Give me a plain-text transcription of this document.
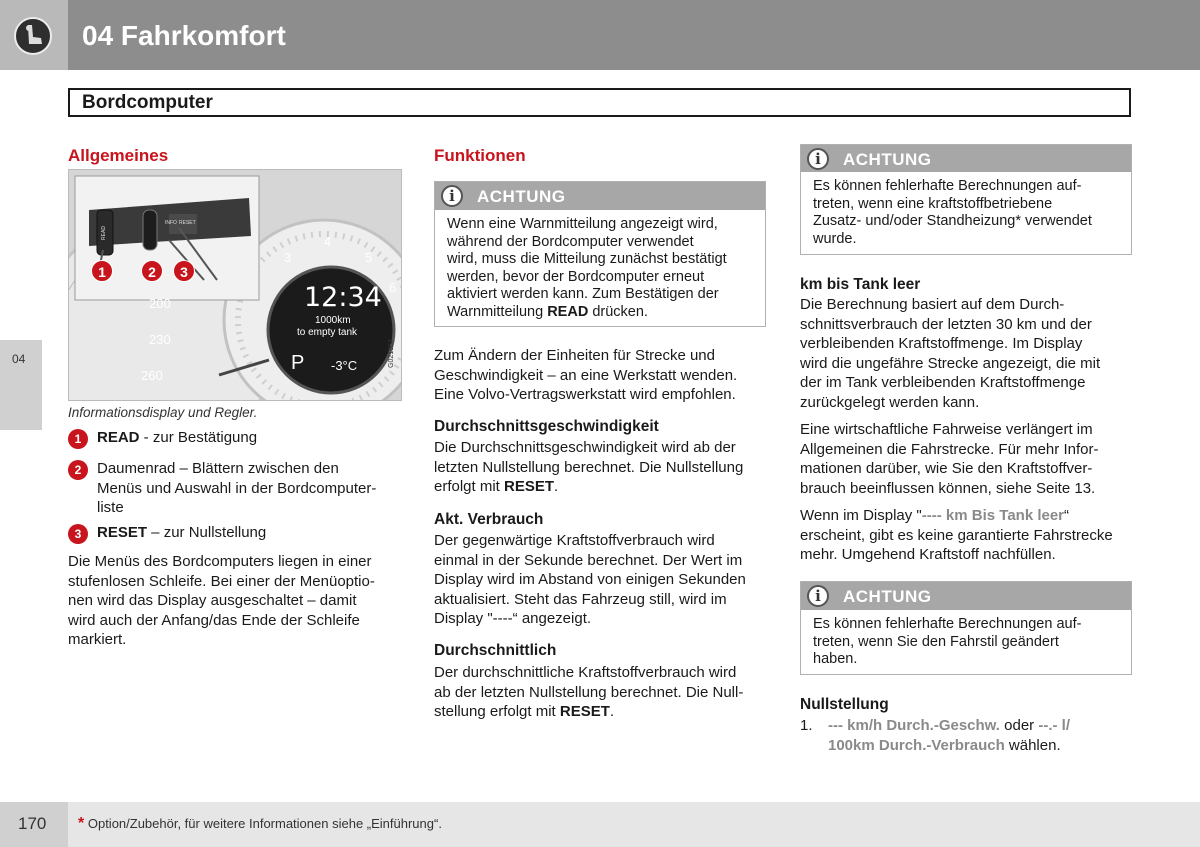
04 Fahrkomfort
Bordcomputer
04
Allgemeines
200
230
260
3
4
5
6
12:34
1000km
to empty tank
P -3°C	G021984
READ
INFO RESET
1	2	3
Informationsdisplay und Regler.
1	READ - zur Bestätigung
2	Daumenrad – Blättern zwischen den
Menüs und Auswahl in der Bordcomputer-
liste
3	RESET – zur Nullstellung
Die Menüs des Bordcomputers liegen in einer
stufenlosen Schleife. Bei einer der Menüoptio-
nen wird das Display ausgeschaltet – damit
wird auch der Anfang/das Ende der Schleife
markiert.
Funktionen
i	ACHTUNG
Wenn eine Warnmitteilung angezeigt wird,
während der Bordcomputer verwendet
wird, muss die Mitteilung zunächst bestätigt
werden, bevor der Bordcomputer erneut
aktiviert werden kann. Zum Bestätigen der
Warnmitteilung READ drücken.
Zum Ändern der Einheiten für Strecke und
Geschwindigkeit – an eine Werkstatt wenden.
Eine Volvo-Vertragswerkstatt wird empfohlen.
Durchschnittsgeschwindigkeit
Die Durchschnittsgeschwindigkeit wird ab der
letzten Nullstellung berechnet. Die Nullstellung
erfolgt mit RESET.
Akt. Verbrauch
Der gegenwärtige Kraftstoffverbrauch wird
einmal in der Sekunde berechnet. Der Wert im
Display wird im Abstand von einigen Sekunden
aktualisiert. Steht das Fahrzeug still, wird im
Display "----“ angezeigt.
Durchschnittlich
Der durchschnittliche Kraftstoffverbrauch wird
ab der letzten Nullstellung berechnet. Die Null-
stellung erfolgt mit RESET.
i	ACHTUNG
Es können fehlerhafte Berechnungen auf-
treten, wenn eine kraftstoffbetriebene
Zusatz- und/oder Standheizung* verwendet
wurde.
km bis Tank leer
Die Berechnung basiert auf dem Durch-
schnittsverbrauch der letzten 30 km und der
verbleibenden Kraftstoffmenge. Im Display
wird die ungefähre Strecke angezeigt, die mit
der im Tank verbleibenden Kraftstoffmenge
zurückgelegt werden kann.
Eine wirtschaftliche Fahrweise verlängert im
Allgemeinen die Fahrstrecke. Für mehr Infor-
mationen darüber, wie Sie den Kraftstoffver-
brauch beeinflussen können, siehe Seite 13.
Wenn im Display "---- km Bis Tank leer“
erscheint, gibt es keine garantierte Fahrstrecke
mehr. Umgehend Kraftstoff nachfüllen.
i	ACHTUNG
Es können fehlerhafte Berechnungen auf-
treten, wenn Sie den Fahrstil geändert
haben.
Nullstellung
1. --- km/h Durch.-Geschw. oder --.- l/
100km Durch.-Verbrauch wählen.
170 * Option/Zubehör, für weitere Informationen siehe „Einführung“.
